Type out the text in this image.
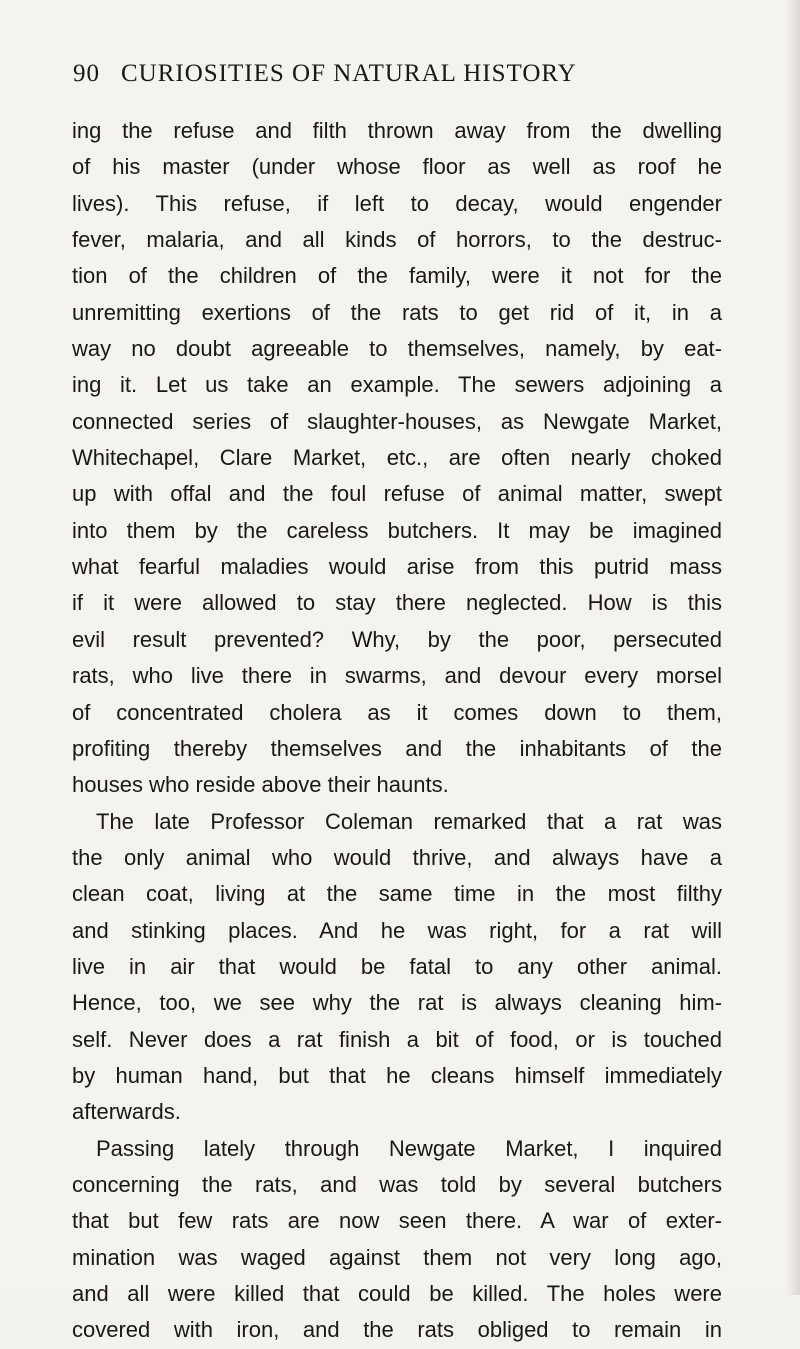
90 CURIOSITIES OF NATURAL HISTORY
ing the refuse and filth thrown away from the dwelling
of his master (under whose floor as well as roof he
lives). This refuse, if left to decay, would engender
fever, malaria, and all kinds of horrors, to the destruc-
tion of the children of the family, were it not for the
unremitting exertions of the rats to get rid of it, in a
way no doubt agreeable to themselves, namely, by eat-
ing it. Let us take an example. The sewers adjoining a
connected series of slaughter-houses, as Newgate Market,
Whitechapel, Clare Market, etc., are often nearly choked
up with offal and the foul refuse of animal matter, swept
into them by the careless butchers. It may be imagined
what fearful maladies would arise from this putrid mass
if it were allowed to stay there neglected. How is this
evil result prevented? Why, by the poor, persecuted
rats, who live there in swarms, and devour every morsel
of concentrated cholera as it comes down to them,
profiting thereby themselves and the inhabitants of the
houses who reside above their haunts.
The late Professor Coleman remarked that a rat was
the only animal who would thrive, and always have a
clean coat, living at the same time in the most filthy
and stinking places. And he was right, for a rat will
live in air that would be fatal to any other animal.
Hence, too, we see why the rat is always cleaning him-
self. Never does a rat finish a bit of food, or is touched
by human hand, but that he cleans himself immediately
afterwards.
Passing lately through Newgate Market, I inquired
concerning the rats, and was told by several butchers
that but few rats are now seen there. A war of exter-
mination was waged against them not very long ago,
and all were killed that could be killed. The holes were
covered with iron, and the rats obliged to remain in
